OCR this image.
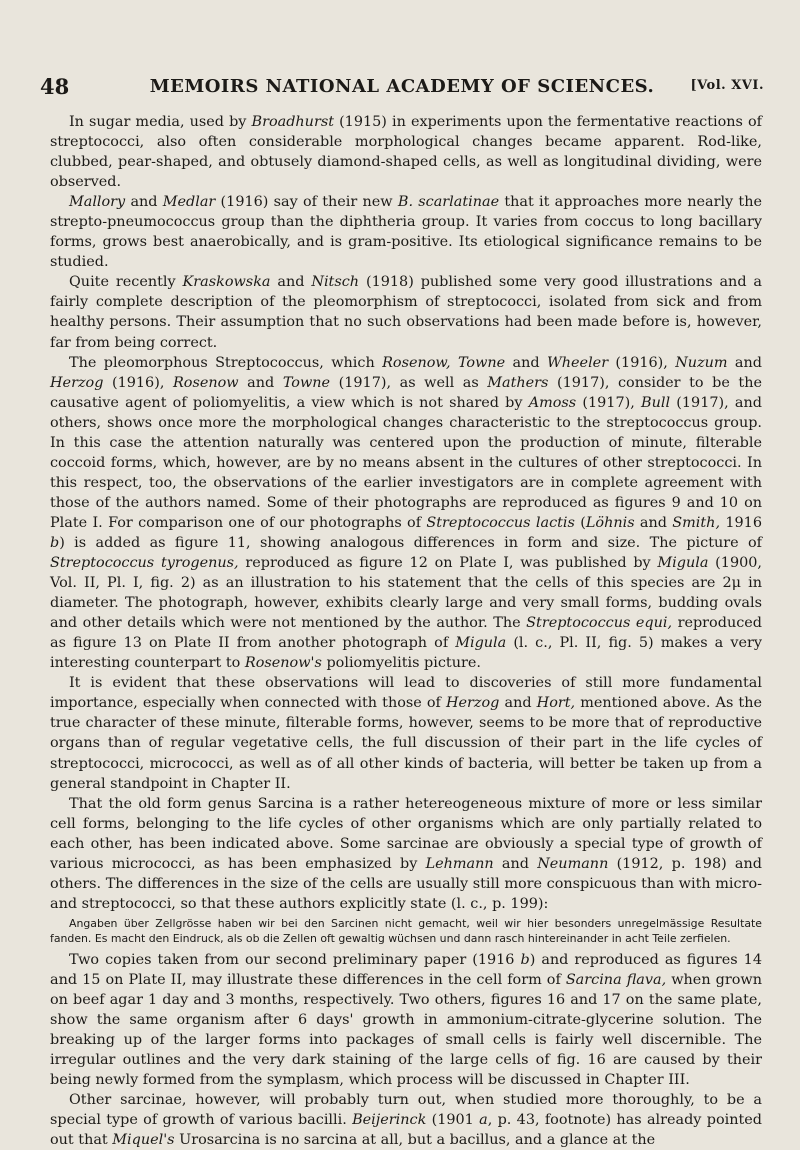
48	MEMOIRS NATIONAL ACADEMY OF SCIENCES.	[Vol. XVI.

In sugar media, used by Broadhurst (1915) in experiments upon the fermentative reactions of streptococci, also often considerable morphological changes became apparent. Rod-like, clubbed, pear-shaped, and obtusely diamond-shaped cells, as well as longitudinal dividing, were observed.

Mallory and Medlar (1916) say of their new B. scarlatinae that it approaches more nearly the strepto-pneumococcus group than the diphtheria group. It varies from coccus to long bacillary forms, grows best anaerobically, and is gram-positive. Its etiological significance remains to be studied.

Quite recently Kraskowska and Nitsch (1918) published some very good illustrations and a fairly complete description of the pleomorphism of streptococci, isolated from sick and from healthy persons. Their assumption that no such observations had been made before is, however, far from being correct.

The pleomorphous Streptococcus, which Rosenow, Towne and Wheeler (1916), Nuzum and Herzog (1916), Rosenow and Towne (1917), as well as Mathers (1917), consider to be the causative agent of poliomyelitis, a view which is not shared by Amoss (1917), Bull (1917), and others, shows once more the morphological changes characteristic to the streptococcus group. In this case the attention naturally was centered upon the production of minute, filterable coccoid forms, which, however, are by no means absent in the cultures of other streptococci. In this respect, too, the observations of the earlier investigators are in complete agreement with those of the authors named. Some of their photographs are reproduced as figures 9 and 10 on Plate I. For comparison one of our photographs of Streptococcus lactis (Löhnis and Smith, 1916 b) is added as figure 11, showing analogous differences in form and size. The picture of Streptococcus tyrogenus, reproduced as figure 12 on Plate I, was published by Migula (1900, Vol. II, Pl. I, fig. 2) as an illustration to his statement that the cells of this species are 2μ in diameter. The photograph, however, exhibits clearly large and very small forms, budding ovals and other details which were not mentioned by the author. The Streptococcus equi, reproduced as figure 13 on Plate II from another photograph of Migula (l. c., Pl. II, fig. 5) makes a very interesting counterpart to Rosenow's poliomyelitis picture.

It is evident that these observations will lead to discoveries of still more fundamental importance, especially when connected with those of Herzog and Hort, mentioned above. As the true character of these minute, filterable forms, however, seems to be more that of reproductive organs than of regular vegetative cells, the full discussion of their part in the life cycles of streptococci, micrococci, as well as of all other kinds of bacteria, will better be taken up from a general standpoint in Chapter II.

That the old form genus Sarcina is a rather hetereogeneous mixture of more or less similar cell forms, belonging to the life cycles of other organisms which are only partially related to each other, has been indicated above. Some sarcinae are obviously a special type of growth of various micrococci, as has been emphasized by Lehmann and Neumann (1912, p. 198) and others. The differences in the size of the cells are usually still more conspicuous than with micro- and streptococci, so that these authors explicitly state (l. c., p. 199):

Angaben über Zellgrösse haben wir bei den Sarcinen nicht gemacht, weil wir hier besonders unregelmässige Resultate fanden. Es macht den Eindruck, als ob die Zellen oft gewaltig wüchsen und dann rasch hintereinander in acht Teile zerfielen.

Two copies taken from our second preliminary paper (1916 b) and reproduced as figures 14 and 15 on Plate II, may illustrate these differences in the cell form of Sarcina flava, when grown on beef agar 1 day and 3 months, respectively. Two others, figures 16 and 17 on the same plate, show the same organism after 6 days' growth in ammonium-citrate-glycerine solution. The breaking up of the larger forms into packages of small cells is fairly well discernible. The irregular outlines and the very dark staining of the large cells of fig. 16 are caused by their being newly formed from the symplasm, which process will be discussed in Chapter III.

Other sarcinae, however, will probably turn out, when studied more thoroughly, to be a special type of growth of various bacilli. Beijerinck (1901 a, p. 43, footnote) has already pointed out that Miquel's Urosarcina is no sarcina at all, but a bacillus, and a glance at the
